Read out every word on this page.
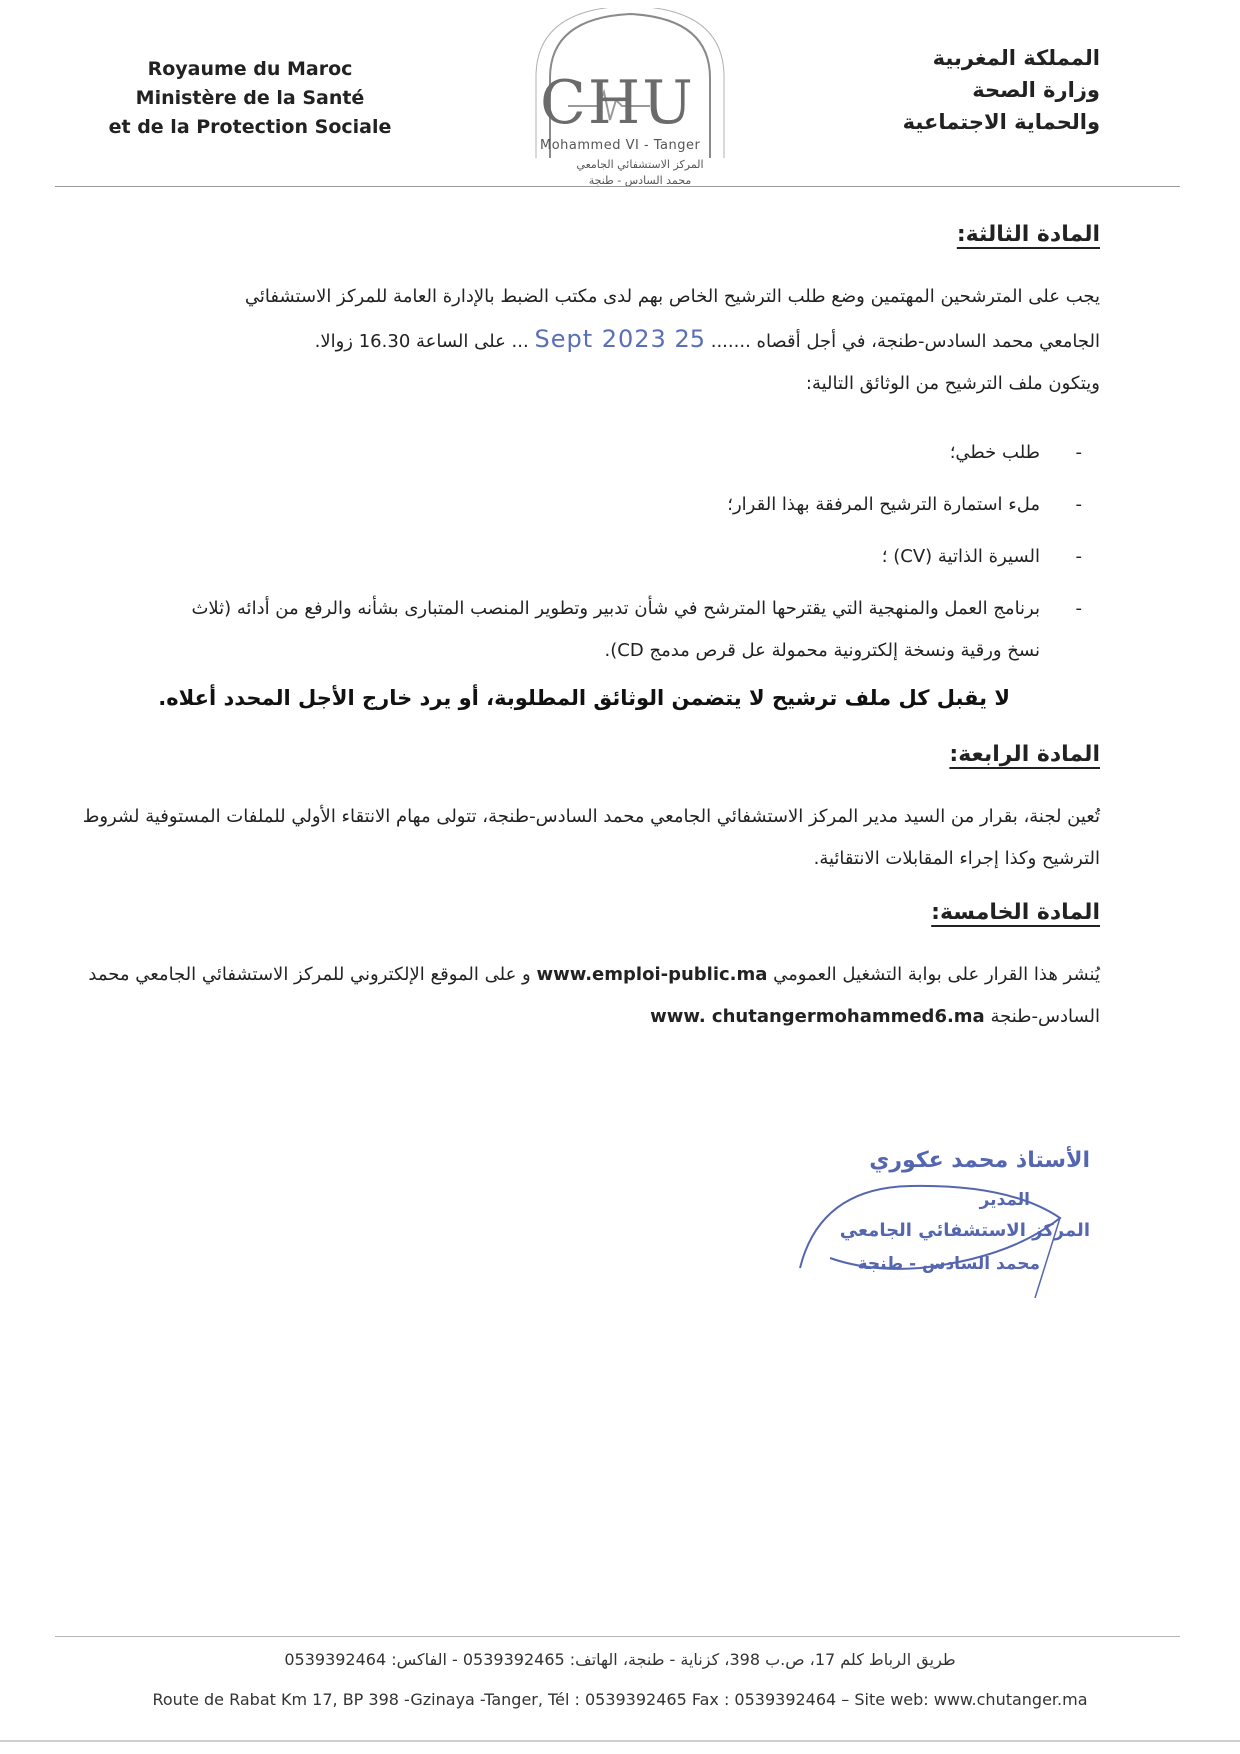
Royaume du Maroc
Ministère de la Santé
et de la Protection Sociale	CHU
Mohammed VI - Tanger
المركز الاستشفائي الجامعي
محمد السادس - طنجة
المملكة المغربية
وزارة الصحة
والحماية الاجتماعية
المادة الثالثة:
يجب على المترشحين المهتمين وضع طلب الترشيح الخاص بهم لدى مكتب الضبط بالإدارة العامة للمركز الاستشفائي
الجامعي محمد السادس-طنجة، في أجل أقصاه ....... 25 Sept 2023 ... على الساعة 16.30 زوالا.
ويتكون ملف الترشيح من الوثائق التالية:
- طلب خطي؛
- ملء استمارة الترشيح المرفقة بهذا القرار؛
- السيرة الذاتية (CV) ؛
- برنامج العمل والمنهجية التي يقترحها المترشح في شأن تدبير وتطوير المنصب المتبارى بشأنه والرفع من أدائه (ثلاث نسخ ورقية ونسخة إلكترونية محمولة عل قرص مدمج CD).
لا يقبل كل ملف ترشيح لا يتضمن الوثائق المطلوبة، أو يرد خارج الأجل المحدد أعلاه.
المادة الرابعة:
تُعين لجنة، بقرار من السيد مدير المركز الاستشفائي الجامعي محمد السادس-طنجة، تتولى مهام الانتقاء الأولي للملفات المستوفية لشروط الترشيح وكذا إجراء المقابلات الانتقائية.
المادة الخامسة:
يُنشر هذا القرار على بوابة التشغيل العمومي www.emploi-public.ma و على الموقع الإلكتروني للمركز الاستشفائي الجامعي محمد السادس-طنجة www. chutangermohammed6.ma
الأستاذ محمد عكوري
المدير
المركز الاستشفائي الجامعي
محمد السادس - طنجة
طريق الرباط كلم 17، ص.ب 398، كزناية - طنجة، الهاتف: 0539392465 - الفاكس: 0539392464
Route de Rabat Km 17, BP 398 -Gzinaya -Tanger, Tél : 0539392465 Fax : 0539392464 – Site web: www.chutanger.ma
